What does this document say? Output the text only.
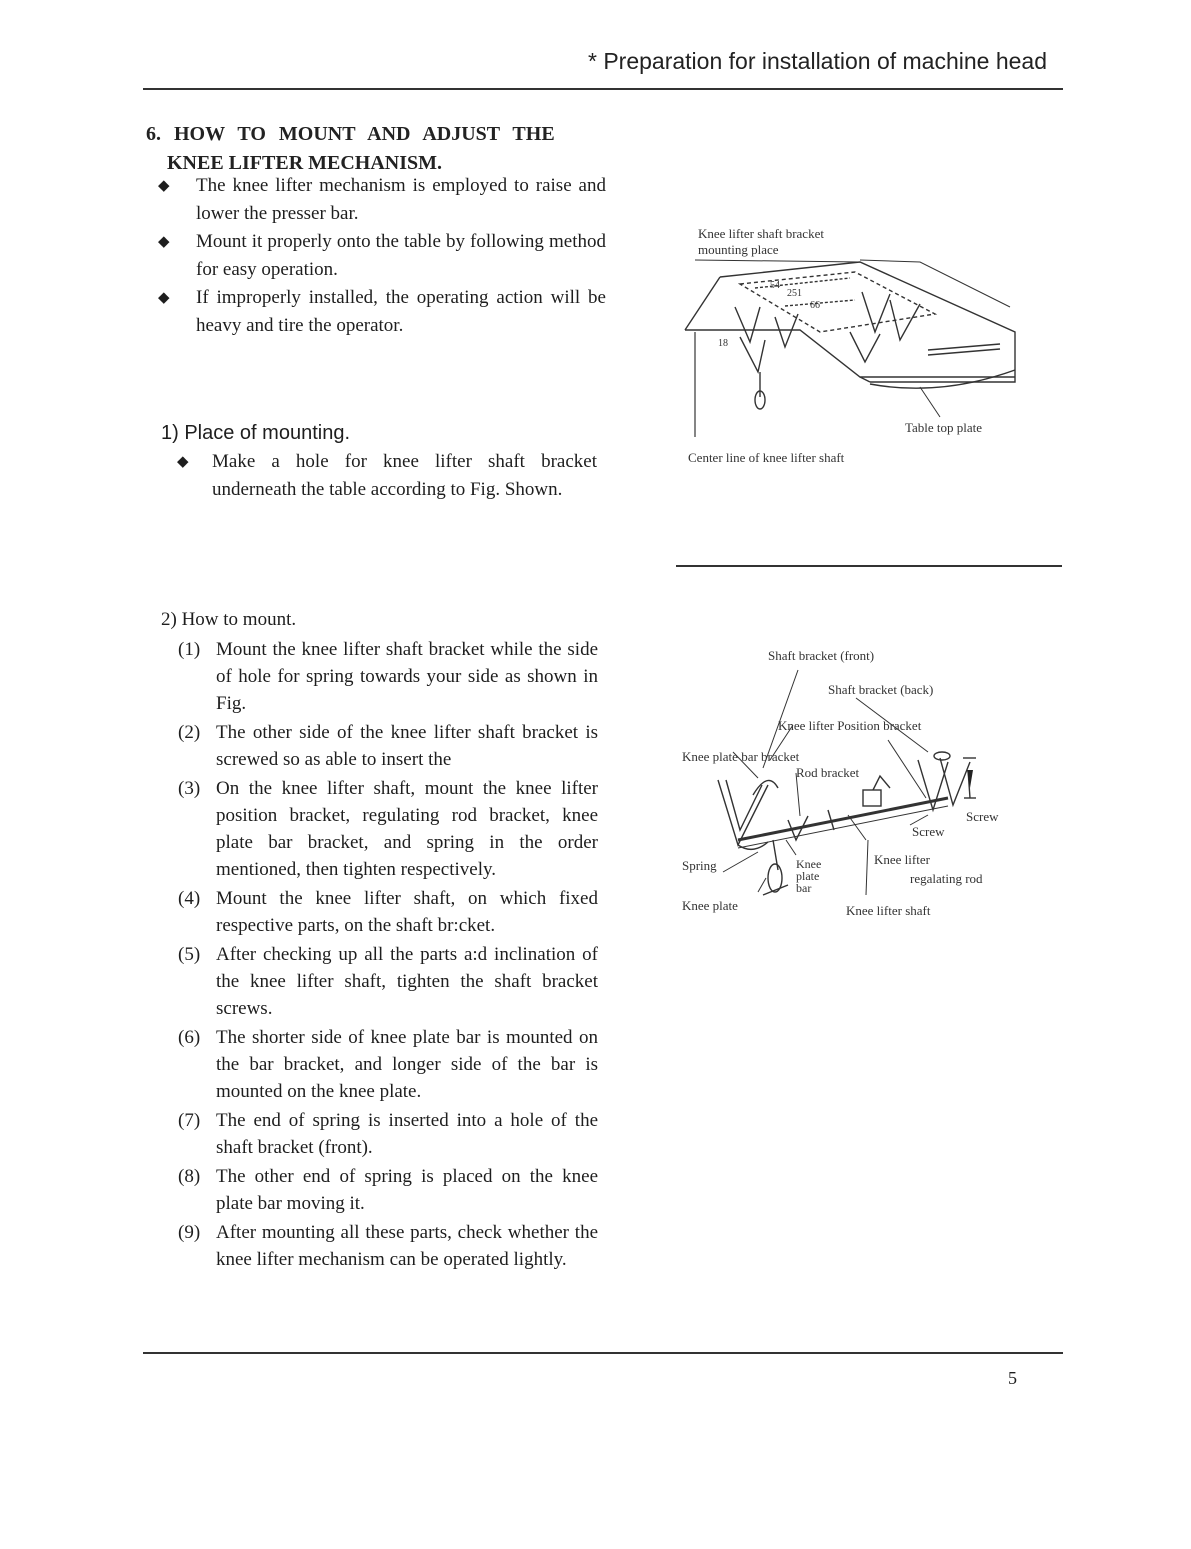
* Preparation for installation of machine head
6. HOW TO MOUNT AND ADJUST THE
KNEE LIFTER MECHANISM.
◆	The knee lifter mechanism is employed to raise and lower the presser bar.
◆	Mount it properly onto the table by following method for easy operation.
◆	If improperly installed, the operating action will be heavy and tire the operator.
1) Place of mounting.
◆	Make a hole for knee lifter shaft bracket underneath the table according to Fig. Shown.
2) How to mount.
(1) Mount the knee lifter shaft bracket while the side of hole for spring towards your side as shown in Fig.
(2) The other side of the knee lifter shaft bracket is screwed so as able to insert the
(3) On the knee lifter shaft, mount the knee lifter position bracket, regulating rod bracket, knee plate bar bracket, and spring in the order mentioned, then tighten respectively.
(4) Mount the knee lifter shaft, on which fixed respective parts, on the shaft br:cket.
(5) After checking up all the parts a:d inclination of the knee lifter shaft, tighten the shaft bracket screws.
(6) The shorter side of knee plate bar is mounted on the bar bracket, and longer side of the bar is mounted on the knee plate.
(7) The end of spring is inserted into a hole of the shaft bracket (front).
(8) The other end of spring is placed on the knee plate bar moving it.
(9) After mounting all these parts, check whether the knee lifter mechanism can be operated lightly.
Knee lifter shaft bracket
mounting place
54
251
66
18
Table top plate
Center line of knee lifter shaft
Shaft bracket (front)
Shaft bracket (back)
Knee lifter Position bracket
Knee plate bar bracket
Rod bracket
Screw
Screw
Spring	Knee
plate
bar
Knee lifter
regalating rod
Knee plate	Knee lifter shaft
5
